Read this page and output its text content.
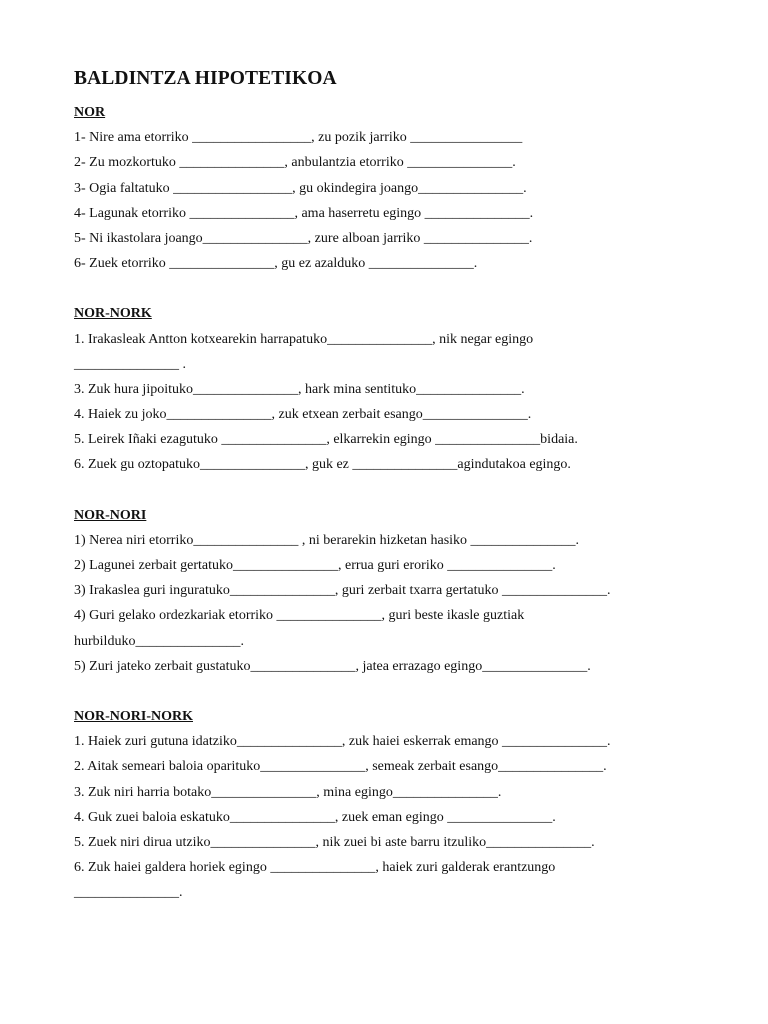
BALDINTZA HIPOTETIKOA
NOR
1- Nire ama etorriko _________________, zu pozik jarriko ________________
2- Zu mozkortuko _______________, anbulantzia etorriko _______________.
3- Ogia faltatuko _________________, gu okindegira joango_______________.
4- Lagunak etorriko _______________, ama haserretu egingo _______________.
5- Ni ikastolara joango_______________, zure alboan jarriko _______________.
6- Zuek etorriko _______________, gu ez azalduko _______________.
NOR-NORK
1. Irakasleak Antton kotxearekin harrapatuko_______________, nik negar egingo
_______________ .
3. Zuk hura jipoituko_______________, hark mina sentituko_______________.
4. Haiek zu joko_______________, zuk etxean zerbait esango_______________.
5. Leirek Iñaki ezagutuko _______________, elkarrekin egingo _______________bidaia.
6. Zuek gu oztopatuko_______________, guk ez _______________agindutakoa egingo.
NOR-NORI
1) Nerea niri etorriko_______________ , ni berarekin hizketan hasiko _______________.
2) Lagunei zerbait gertatuko_______________, errua guri eroriko _______________.
3) Irakaslea guri inguratuko_______________, guri zerbait txarra gertatuko _______________.
4) Guri gelako ordezkariak etorriko _______________, guri beste ikasle guztiak
hurbilduko_______________.
5) Zuri jateko zerbait gustatuko_______________, jatea errazago egingo_______________.
NOR-NORI-NORK
1. Haiek zuri gutuna idatziko_______________, zuk haiei eskerrak emango _______________.
2. Aitak semeari baloia oparituko_______________, semeak zerbait esango_______________.
3. Zuk niri harria botako_______________, mina egingo_______________.
4. Guk zuei baloia eskatuko_______________, zuek eman egingo _______________.
5. Zuek niri dirua utziko_______________, nik zuei bi aste barru itzuliko_______________.
6. Zuk haiei galdera horiek egingo _______________, haiek zuri galderak erantzungo
_______________.
